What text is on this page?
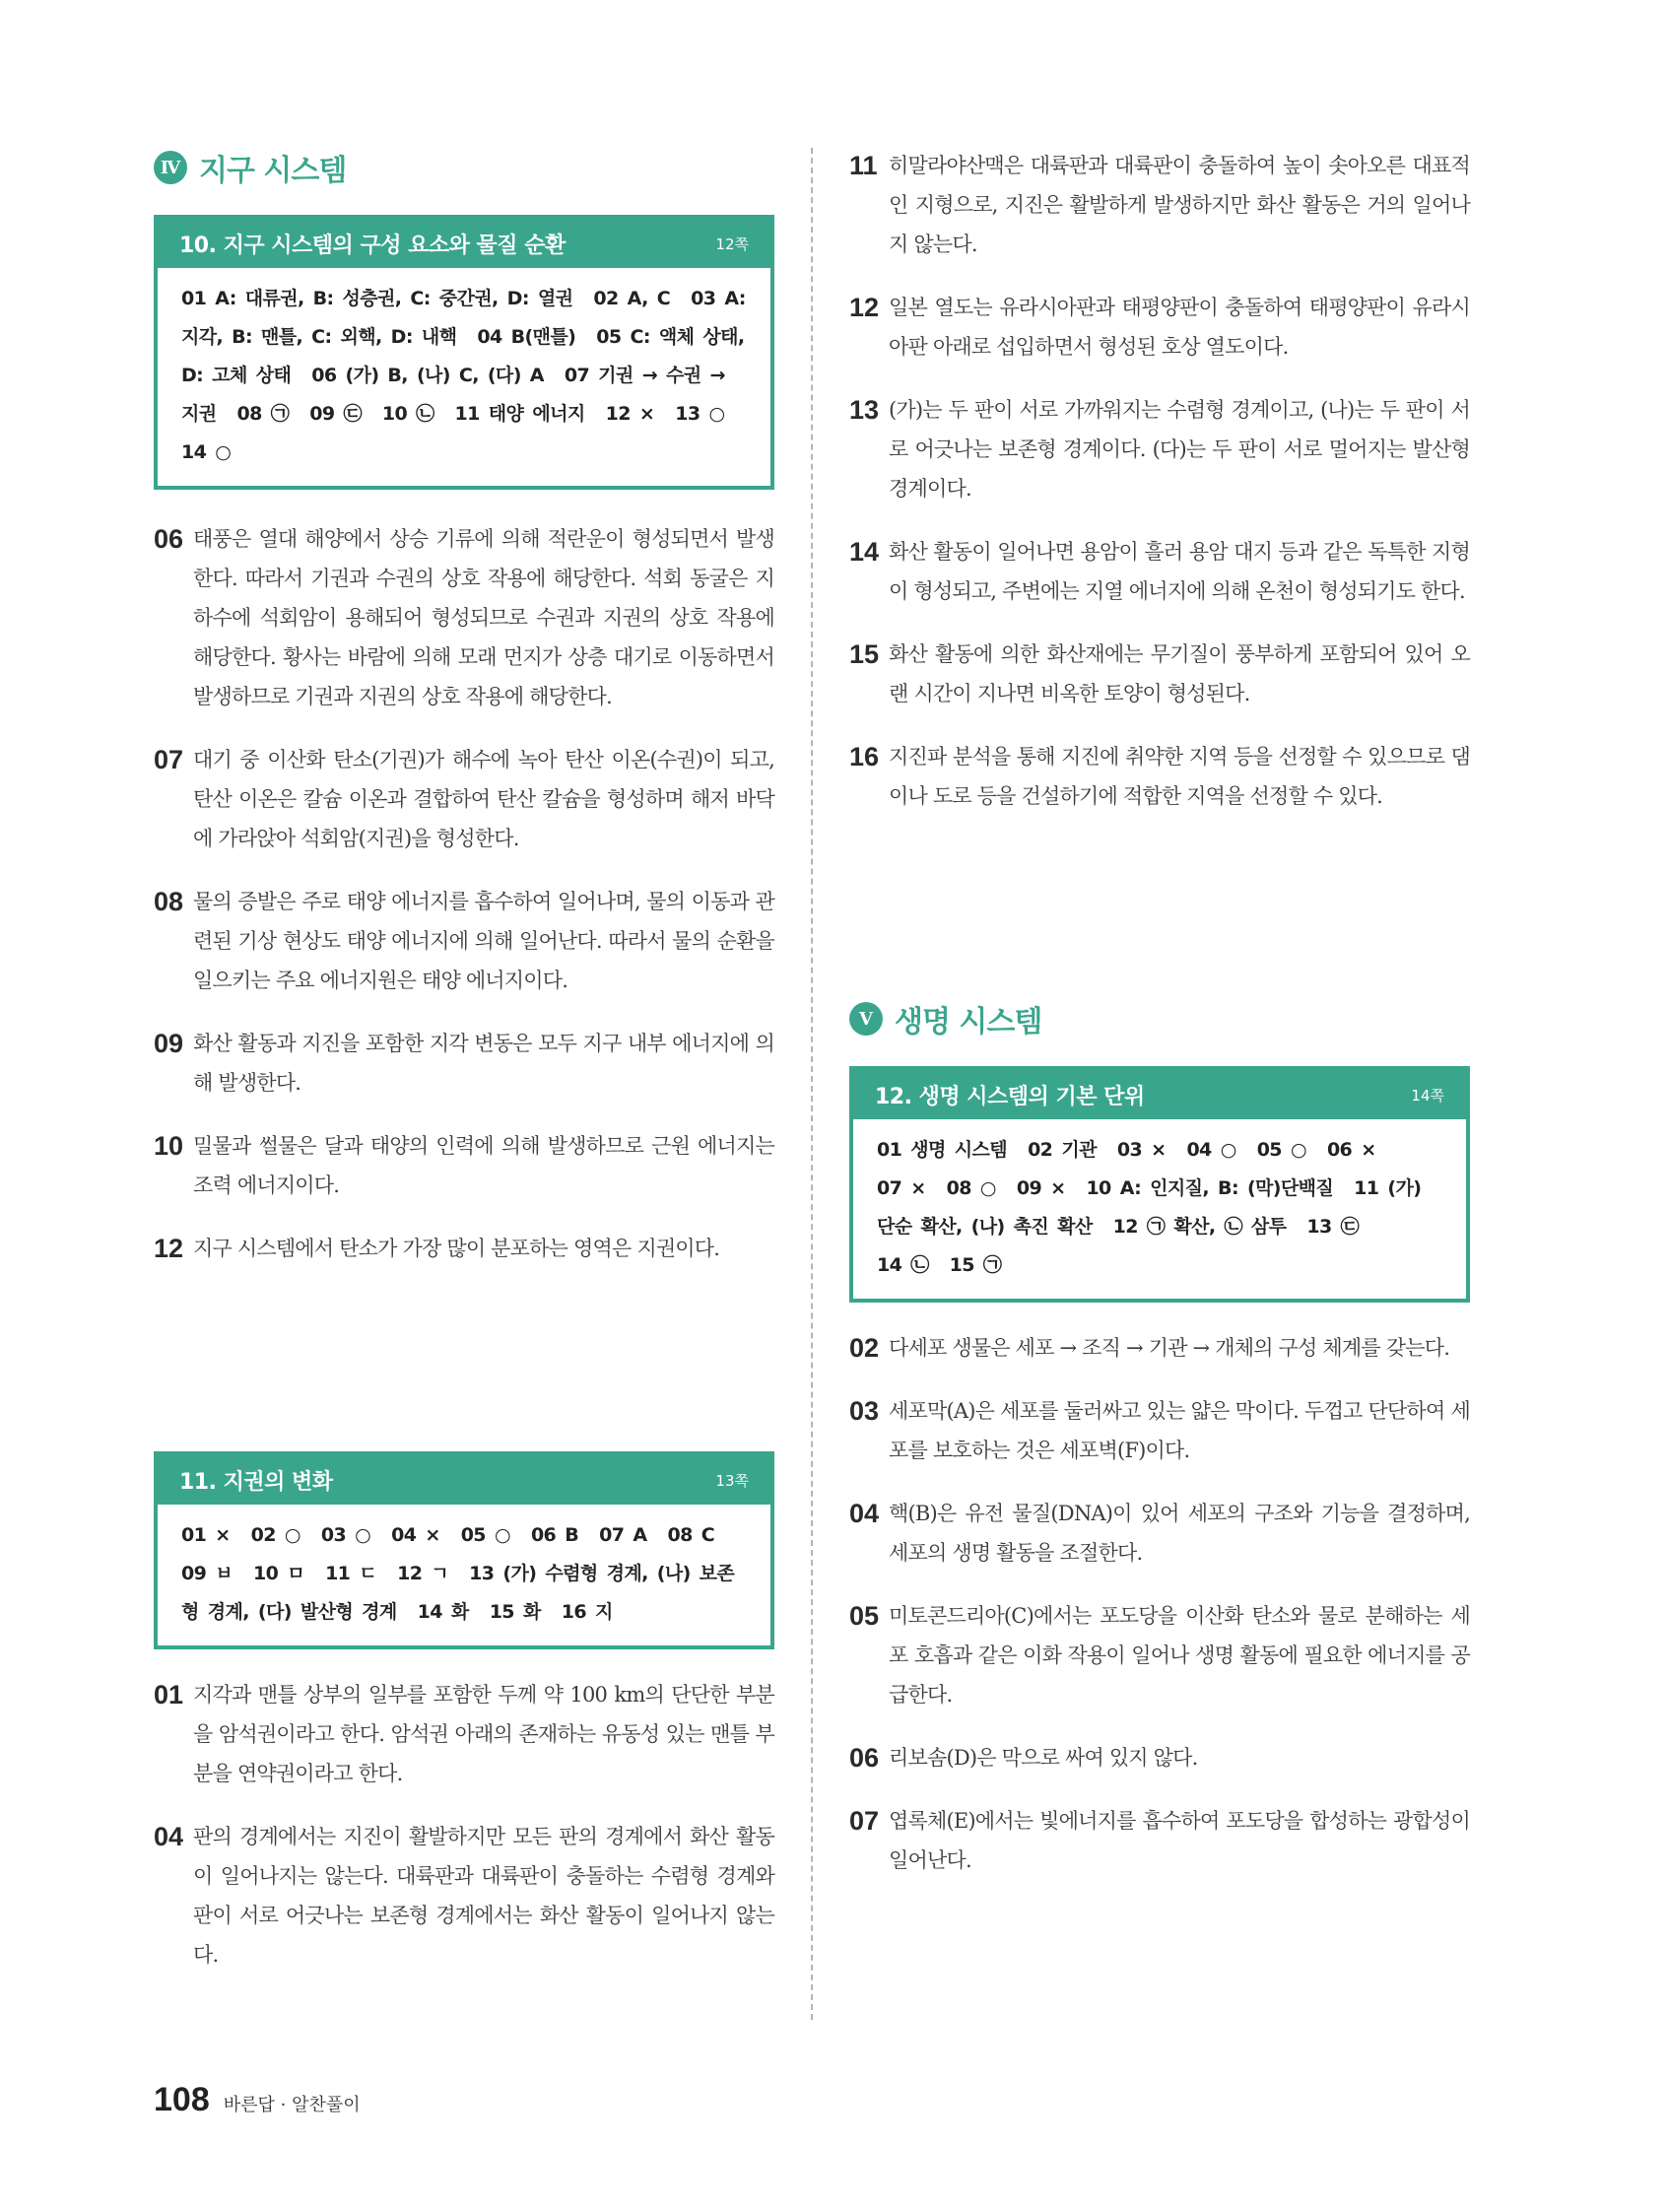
Ⅳ 지구 시스템
10. 지구 시스템의 구성 요소와 물질 순환	12쪽
01 A: 대류권, B: 성층권, C: 중간권, D: 열권 02 A, C 03 A: 지각, B: 맨틀, C: 외핵, D: 내핵 04 B(맨틀) 05 C: 액체 상태, D: 고체 상태 06 (가) B, (나) C, (다) A 07 기권 → 수권 → 지권 08 ㉠ 09 ㉢ 10 ㉡ 11 태양 에너지 12 × 13 ○ 14 ○
06 태풍은 열대 해양에서 상승 기류에 의해 적란운이 형성되면서 발생한다. 따라서 기권과 수권의 상호 작용에 해당한다. 석회 동굴은 지하수에 석회암이 용해되어 형성되므로 수권과 지권의 상호 작용에 해당한다. 황사는 바람에 의해 모래 먼지가 상층 대기로 이동하면서 발생하므로 기권과 지권의 상호 작용에 해당한다.
07 대기 중 이산화 탄소(기권)가 해수에 녹아 탄산 이온(수권)이 되고, 탄산 이온은 칼슘 이온과 결합하여 탄산 칼슘을 형성하며 해저 바닥에 가라앉아 석회암(지권)을 형성한다.
08 물의 증발은 주로 태양 에너지를 흡수하여 일어나며, 물의 이동과 관련된 기상 현상도 태양 에너지에 의해 일어난다. 따라서 물의 순환을 일으키는 주요 에너지원은 태양 에너지이다.
09 화산 활동과 지진을 포함한 지각 변동은 모두 지구 내부 에너지에 의해 발생한다.
10 밀물과 썰물은 달과 태양의 인력에 의해 발생하므로 근원 에너지는 조력 에너지이다.
12 지구 시스템에서 탄소가 가장 많이 분포하는 영역은 지권이다.
11. 지권의 변화	13쪽
01 × 02 ○ 03 ○ 04 × 05 ○ 06 B 07 A 08 C 09 ㅂ 10 ㅁ 11 ㄷ 12 ㄱ 13 (가) 수렴형 경계, (나) 보존형 경계, (다) 발산형 경계 14 화 15 화 16 지
01 지각과 맨틀 상부의 일부를 포함한 두께 약 100 km의 단단한 부분을 암석권이라고 한다. 암석권 아래의 존재하는 유동성 있는 맨틀 부분을 연약권이라고 한다.
04 판의 경계에서는 지진이 활발하지만 모든 판의 경계에서 화산 활동이 일어나지는 않는다. 대륙판과 대륙판이 충돌하는 수렴형 경계와 판이 서로 어긋나는 보존형 경계에서는 화산 활동이 일어나지 않는다.
11 히말라야산맥은 대륙판과 대륙판이 충돌하여 높이 솟아오른 대표적인 지형으로, 지진은 활발하게 발생하지만 화산 활동은 거의 일어나지 않는다.
12 일본 열도는 유라시아판과 태평양판이 충돌하여 태평양판이 유라시아판 아래로 섭입하면서 형성된 호상 열도이다.
13 (가)는 두 판이 서로 가까워지는 수렴형 경계이고, (나)는 두 판이 서로 어긋나는 보존형 경계이다. (다)는 두 판이 서로 멀어지는 발산형 경계이다.
14 화산 활동이 일어나면 용암이 흘러 용암 대지 등과 같은 독특한 지형이 형성되고, 주변에는 지열 에너지에 의해 온천이 형성되기도 한다.
15 화산 활동에 의한 화산재에는 무기질이 풍부하게 포함되어 있어 오랜 시간이 지나면 비옥한 토양이 형성된다.
16 지진파 분석을 통해 지진에 취약한 지역 등을 선정할 수 있으므로 댐이나 도로 등을 건설하기에 적합한 지역을 선정할 수 있다.
Ⅴ 생명 시스템
12. 생명 시스템의 기본 단위	14쪽
01 생명 시스템 02 기관 03 × 04 ○ 05 ○ 06 × 07 × 08 ○ 09 × 10 A: 인지질, B: (막)단백질 11 (가) 단순 확산, (나) 촉진 확산 12 ㉠ 확산, ㉡ 삼투 13 ㉢ 14 ㉡ 15 ㉠
02 다세포 생물은 세포 → 조직 → 기관 → 개체의 구성 체계를 갖는다.
03 세포막(A)은 세포를 둘러싸고 있는 얇은 막이다. 두껍고 단단하여 세포를 보호하는 것은 세포벽(F)이다.
04 핵(B)은 유전 물질(DNA)이 있어 세포의 구조와 기능을 결정하며, 세포의 생명 활동을 조절한다.
05 미토콘드리아(C)에서는 포도당을 이산화 탄소와 물로 분해하는 세포 호흡과 같은 이화 작용이 일어나 생명 활동에 필요한 에너지를 공급한다.
06 리보솜(D)은 막으로 싸여 있지 않다.
07 엽록체(E)에서는 빛에너지를 흡수하여 포도당을 합성하는 광합성이 일어난다.
108 바른답 · 알찬풀이
